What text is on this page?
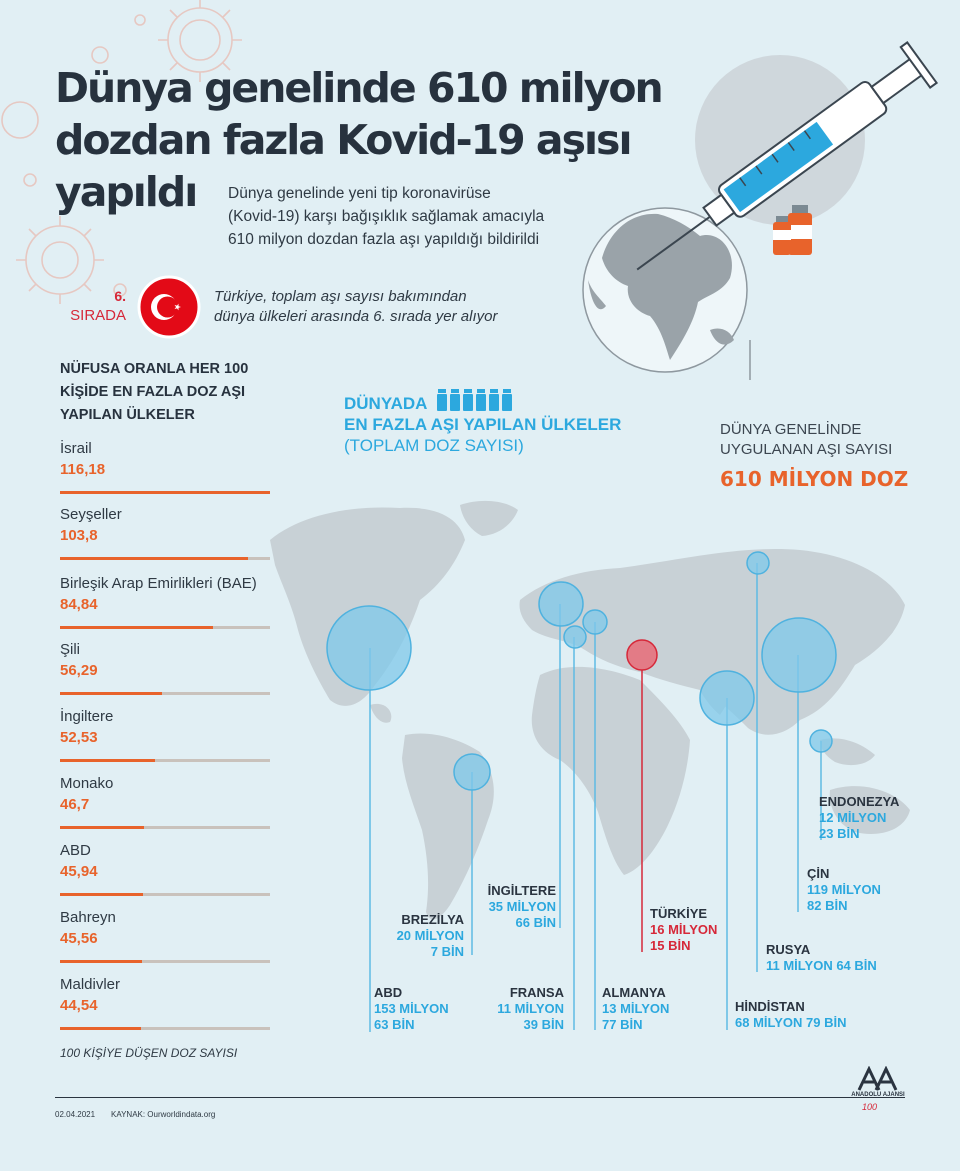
Dünya genelinde 610 milyon
dozdan fazla Kovid-19 aşısı
yapıldı	Dünya genelinde yeni tip koronavirüse
(Kovid-19) karşı bağışıklık sağlamak amacıyla
610 milyon dozdan fazla aşı yapıldığı bildirildi
6.
SIRADA
Türkiye, toplam aşı sayısı bakımından
dünya ülkeleri arasında 6. sırada yer alıyor
NÜFUSA ORANLA HER 100
KİŞİDE EN FAZLA DOZ AŞI
YAPILAN ÜLKELER
İsrail
116,18
Seyşeller
103,8
Birleşik Arap Emirlikleri (BAE)
84,84
Şili
56,29
İngiltere
52,53
Monako
46,7
ABD
45,94
Bahreyn
45,56
Maldivler
44,54
100 KİŞİYE DÜŞEN DOZ SAYISI
DÜNYADA
EN FAZLA AŞI YAPILAN ÜLKELER
(TOPLAM DOZ SAYISI)
DÜNYA GENELİNDE
UYGULANAN AŞI SAYISI
610 MİLYON DOZ
ABD
153 MİLYON
63 BİN
BREZİLYA
20 MİLYON
7 BİN
İNGİLTERE
35 MİLYON
66 BİN
FRANSA
11 MİLYON
39 BİN
ALMANYA
13 MİLYON
77 BİN
TÜRKİYE
16 MİLYON
15 BİN
HİNDİSTAN
68 MİLYON 79 BİN
RUSYA
11 MİLYON 64 BİN
ÇİN
119 MİLYON
82 BİN
ENDONEZYA
12 MİLYON
23 BİN
02.04.2021 KAYNAK: Ourworldindata.org
ANADOLU AJANSI
100
